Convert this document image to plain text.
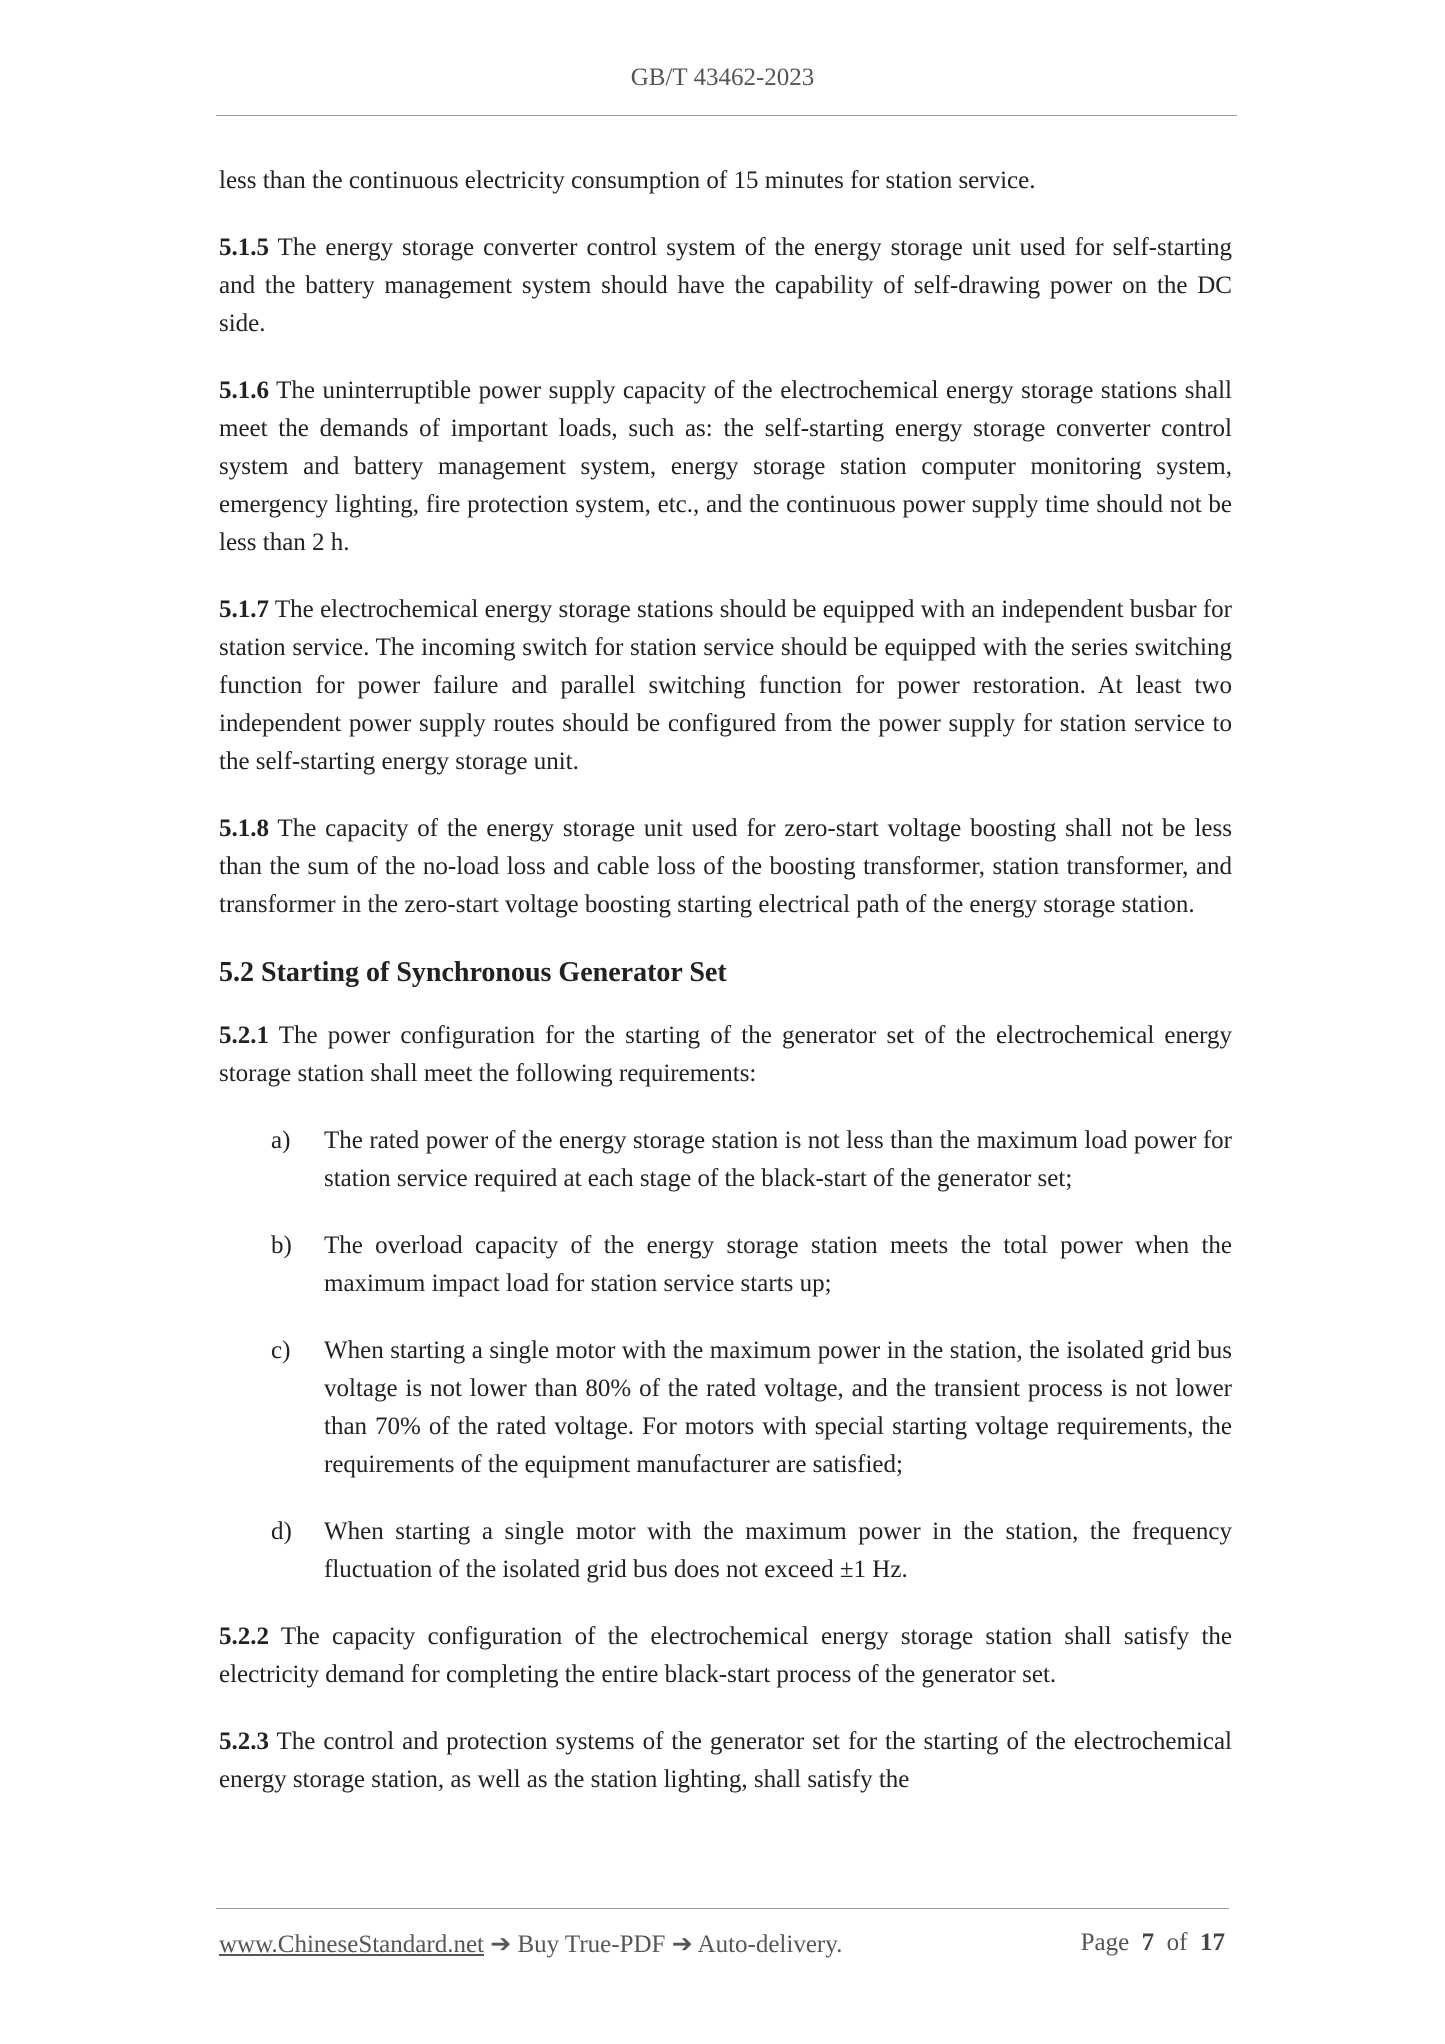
GB/T 43462-2023

less than the continuous electricity consumption of 15 minutes for station service.

5.1.5 The energy storage converter control system of the energy storage unit used for self-starting and the battery management system should have the capability of self-drawing power on the DC side.

5.1.6 The uninterruptible power supply capacity of the electrochemical energy storage stations shall meet the demands of important loads, such as: the self-starting energy storage converter control system and battery management system, energy storage station computer monitoring system, emergency lighting, fire protection system, etc., and the continuous power supply time should not be less than 2 h.

5.1.7 The electrochemical energy storage stations should be equipped with an independent busbar for station service. The incoming switch for station service should be equipped with the series switching function for power failure and parallel switching function for power restoration. At least two independent power supply routes should be configured from the power supply for station service to the self-starting energy storage unit.

5.1.8 The capacity of the energy storage unit used for zero-start voltage boosting shall not be less than the sum of the no-load loss and cable loss of the boosting transformer, station transformer, and transformer in the zero-start voltage boosting starting electrical path of the energy storage station.

5.2 Starting of Synchronous Generator Set

5.2.1 The power configuration for the starting of the generator set of the electrochemical energy storage station shall meet the following requirements:

a) The rated power of the energy storage station is not less than the maximum load power for station service required at each stage of the black-start of the generator set;
b) The overload capacity of the energy storage station meets the total power when the maximum impact load for station service starts up;
c) When starting a single motor with the maximum power in the station, the isolated grid bus voltage is not lower than 80% of the rated voltage, and the transient process is not lower than 70% of the rated voltage. For motors with special starting voltage requirements, the requirements of the equipment manufacturer are satisfied;
d) When starting a single motor with the maximum power in the station, the frequency fluctuation of the isolated grid bus does not exceed ±1 Hz.

5.2.2 The capacity configuration of the electrochemical energy storage station shall satisfy the electricity demand for completing the entire black-start process of the generator set.

5.2.3 The control and protection systems of the generator set for the starting of the electrochemical energy storage station, as well as the station lighting, shall satisfy the

www.ChineseStandard.net ➔ Buy True-PDF ➔ Auto-delivery.	Page 7 of 17
